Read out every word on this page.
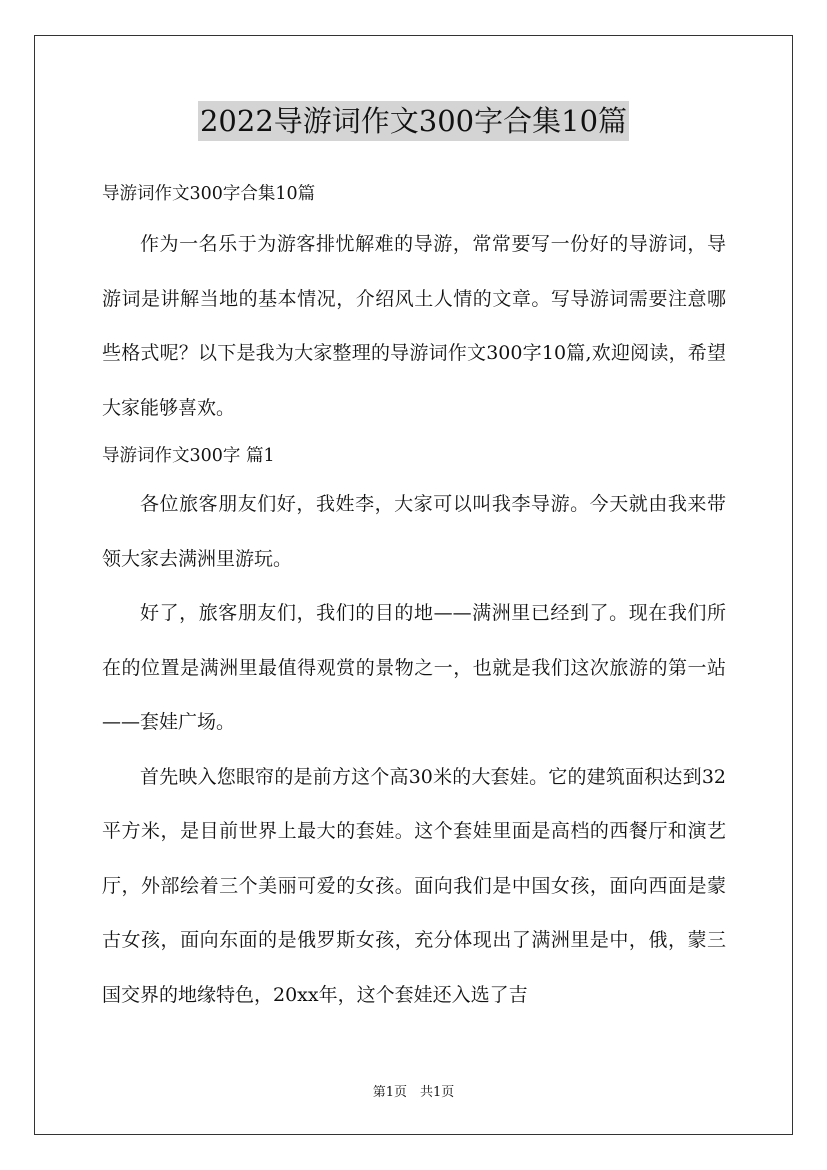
2022导游词作文300字合集10篇

导游词作文300字合集10篇

作为一名乐于为游客排忧解难的导游，常常要写一份好的导游词，导游词是讲解当地的基本情况，介绍风土人情的文章。写导游词需要注意哪些格式呢？以下是我为大家整理的导游词作文300字10篇,欢迎阅读，希望大家能够喜欢。

导游词作文300字 篇1

各位旅客朋友们好，我姓李，大家可以叫我李导游。今天就由我来带领大家去满洲里游玩。

好了，旅客朋友们，我们的目的地——满洲里已经到了。现在我们所在的位置是满洲里最值得观赏的景物之一，也就是我们这次旅游的第一站——套娃广场。

首先映入您眼帘的是前方这个高30米的大套娃。它的建筑面积达到32平方米，是目前世界上最大的套娃。这个套娃里面是高档的西餐厅和演艺厅，外部绘着三个美丽可爱的女孩。面向我们是中国女孩，面向西面是蒙古女孩，面向东面的是俄罗斯女孩，充分体现出了满洲里是中，俄，蒙三国交界的地缘特色，20xx年，这个套娃还入选了吉

第1页　共1页
